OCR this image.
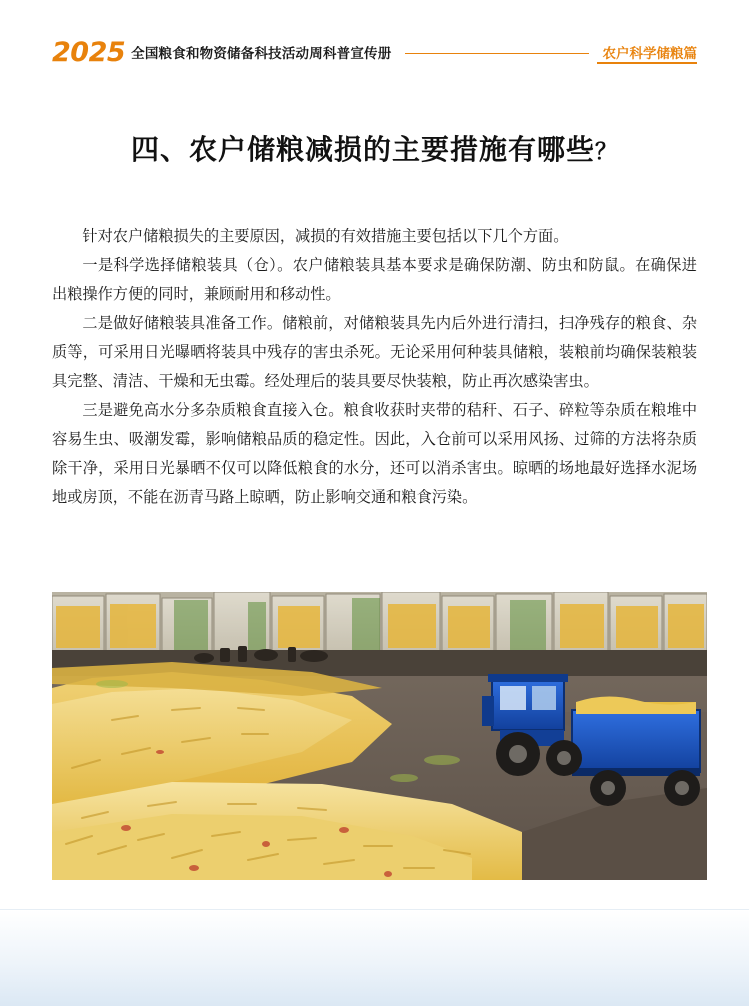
2025 全国粮食和物资储备科技活动周科普宣传册	农户科学储粮篇
四、农户储粮减损的主要措施有哪些？

针对农户储粮损失的主要原因，减损的有效措施主要包括以下几个方面。

一是科学选择储粮装具（仓）。农户储粮装具基本要求是确保防潮、防虫和防鼠。在确保进出粮操作方便的同时，兼顾耐用和移动性。

二是做好储粮装具准备工作。储粮前，对储粮装具先内后外进行清扫，扫净残存的粮食、杂质等，可采用日光曝晒将装具中残存的害虫杀死。无论采用何种装具储粮，装粮前均确保装粮装具完整、清洁、干燥和无虫霉。经处理后的装具要尽快装粮，防止再次感染害虫。

三是避免高水分多杂质粮食直接入仓。粮食收获时夹带的秸秆、石子、碎粒等杂质在粮堆中容易生虫、吸潮发霉，影响储粮品质的稳定性。因此，入仓前可以采用风扬、过筛的方法将杂质除干净，采用日光暴晒不仅可以降低粮食的水分，还可以消杀害虫。晾晒的场地最好选择水泥场地或房顶，不能在沥青马路上晾晒，防止影响交通和粮食污染。
